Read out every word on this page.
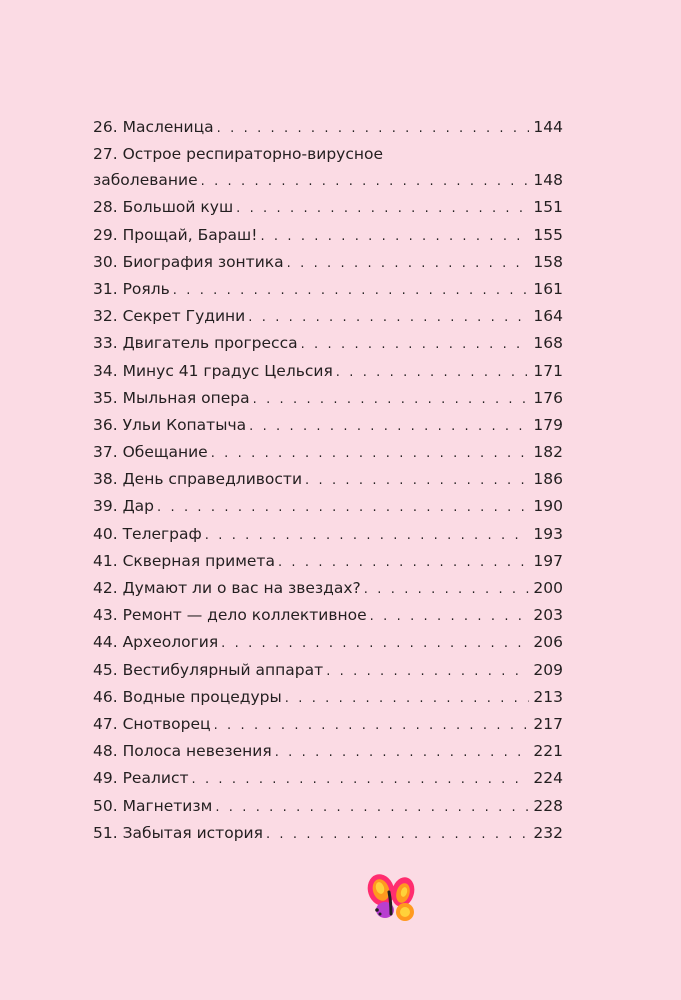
26. Масленица . . .	144
27. Острое респираторно-вирусное
заболевание . . .	148
28. Большой куш . . .	151
29. Прощай, Бараш! . . .	155
30. Биография зонтика . . .	158
31. Рояль . . .	161
32. Секрет Гудини . . .	164
33. Двигатель прогресса . . .	168
34. Минус 41 градус Цельсия . . .	171
35. Мыльная опера . . .	176
36. Ульи Копатыча . . .	179
37. Обещание . . .	182
38. День справедливости . . .	186
39. Дар . . .	190
40. Телеграф . . .	193
41. Скверная примета . . .	197
42. Думают ли о вас на звездах? . . .	200
43. Ремонт — дело коллективное . . .	203
44. Археология . . .	206
45. Вестибулярный аппарат . . .	209
46. Водные процедуры . . .	213
47. Снотворец . . .	217
48. Полоса невезения . . .	221
49. Реалист . . .	224
50. Магнетизм . . .	228
51. Забытая история . . .	232
